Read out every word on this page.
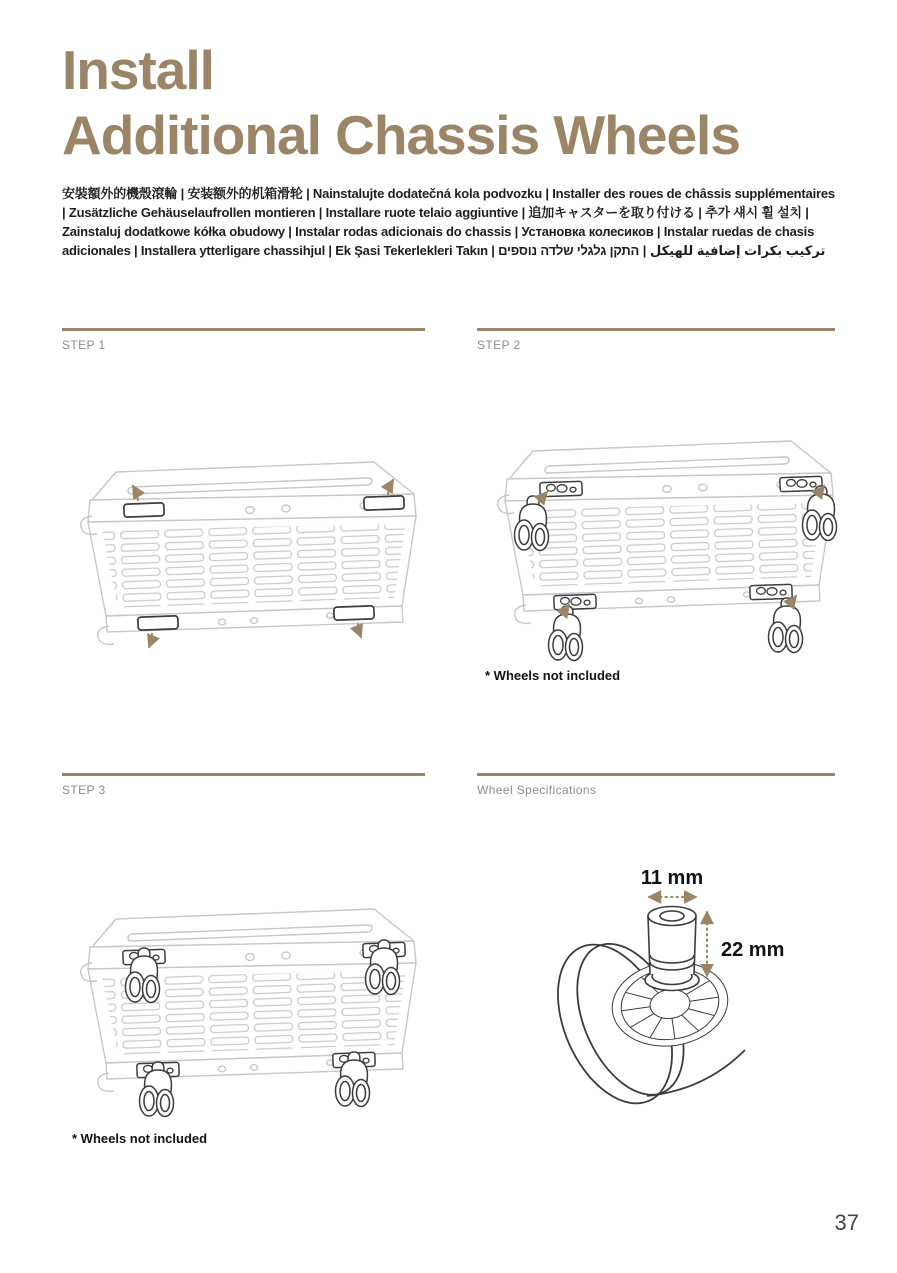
Install
Additional Chassis Wheels

安裝額外的機殼滾輪 | 安装额外的机箱滑轮 | Nainstalujte dodatečná kola podvozku | Installer des roues de châssis supplémentaires | Zusätzliche Gehäuselaufrollen montieren | Installare ruote telaio aggiuntive | 追加キャスターを取り付ける | 추가 섀시 휠 설치 | Zainstaluj dodatkowe kółka obudowy | Instalar rodas adicionais do chassis | Установка колесиков | Instalar ruedas de chasis adicionales | Installera ytterligare chassihjul | Ek Şasi Tekerlekleri Takın | تركيب بكرات إضافية للهيكل | התקן גלגלי שלדה נוספים

STEP 1	STEP 2
* Wheels not included
STEP 3
* Wheels not included
Wheel Specifications
11 mm
22 mm
37
